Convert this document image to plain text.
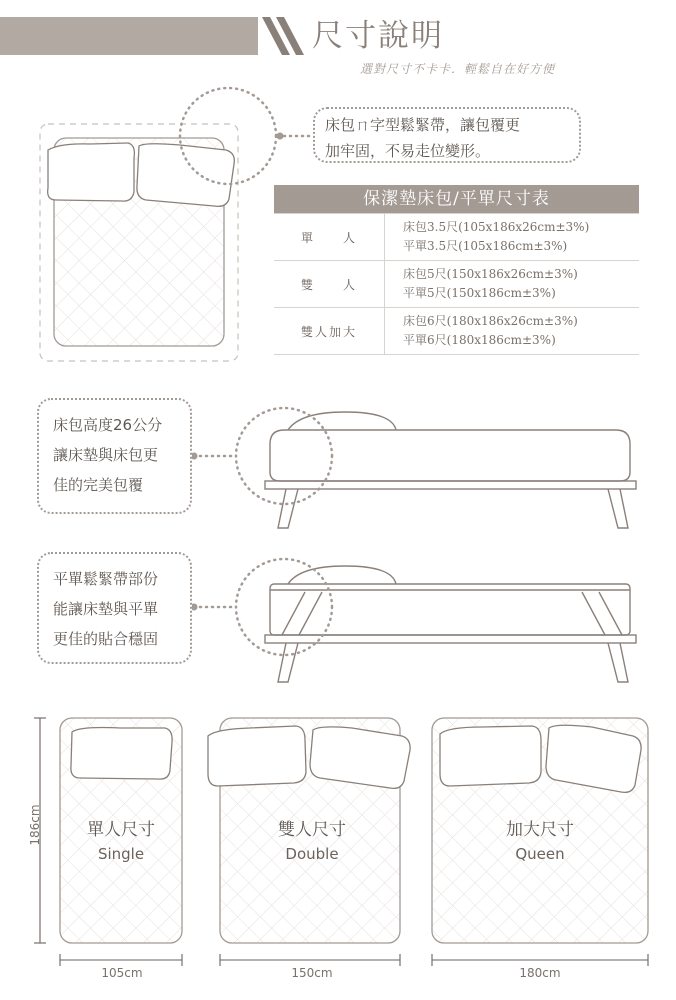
尺寸說明
選對尺寸不卡卡．輕鬆自在好方便
床包ㄇ字型鬆緊帶，讓包覆更
加牢固，不易走位變形。
床包高度26公分
讓床墊與床包更
佳的完美包覆
平單鬆緊帶部份
能讓床墊與平單
更佳的貼合穩固
保潔墊床包/平單尺寸表
單　　人
床包3.5尺(105x186x26cm±3%)
平單3.5尺(105x186cm±3%)
雙　　人
床包5尺(150x186x26cm±3%)
平單5尺(150x186cm±3%)
雙人加大
床包6尺(180x186x26cm±3%)
平單6尺(180x186cm±3%)
單人尺寸
Single
雙人尺寸
Double
加大尺寸
Queen
105cm	150cm	180cm
186cm
